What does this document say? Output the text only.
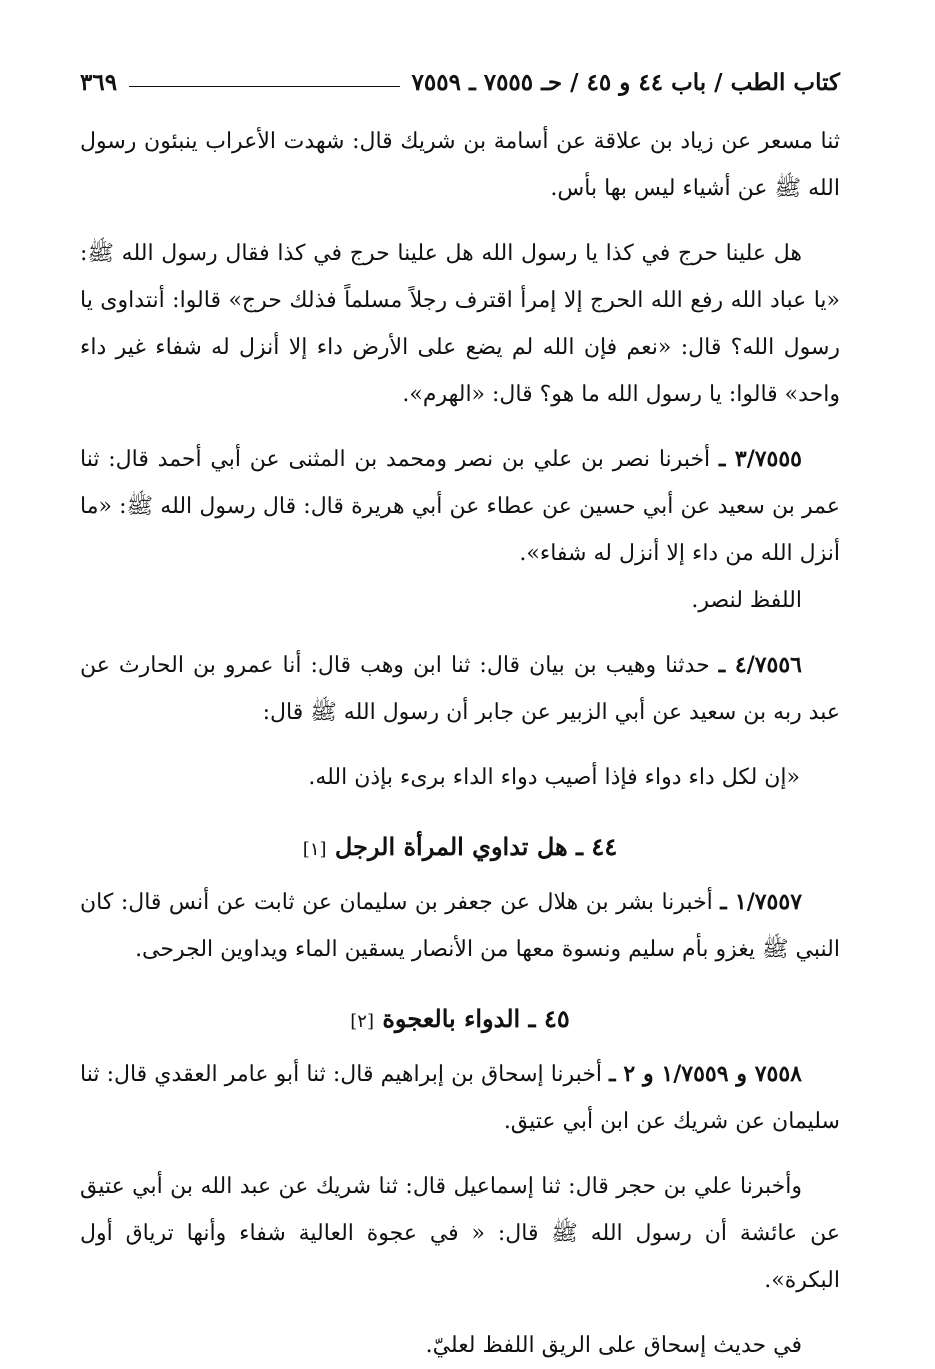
كتاب الطب / باب ٤٤ و ٤٥ / حـ ٧٥٥٥ ـ ٧٥٥٩
٣٦٩

ثنا مسعر عن زياد بن علاقة عن أسامة بن شريك قال: شهدت الأعراب ينبئون رسول الله ﷺ عن أشياء ليس بها بأس.

هل علينا حرج في كذا يا رسول الله هل علينا حرج في كذا فقال رسول الله ﷺ: «يا عباد الله رفع الله الحرج إلا إمرأ اقترف رجلاً مسلماً فذلك حرج» قالوا: أنتداوى يا رسول الله؟ قال: «نعم فإن الله لم يضع على الأرض داء إلا أنزل له شفاء غير داء واحد» قالوا: يا رسول الله ما هو؟ قال: «الهرم».

٣/٧٥٥٥ ـ أخبرنا نصر بن علي بن نصر ومحمد بن المثنى عن أبي أحمد قال: ثنا عمر بن سعيد عن أبي حسين عن عطاء عن أبي هريرة قال: قال رسول الله ﷺ: «ما أنزل الله من داء إلا أنزل له شفاء».

اللفظ لنصر.

٤/٧٥٥٦ ـ حدثنا وهيب بن بيان قال: ثنا ابن وهب قال: أنا عمرو بن الحارث عن عبد ربه بن سعيد عن أبي الزبير عن جابر أن رسول الله ﷺ قال:

«إن لكل داء دواء فإذا أصيب دواء الداء برىء بإذن الله.

٤٤ ـ هل تداوي المرأة الرجل [١]

١/٧٥٥٧ ـ أخبرنا بشر بن هلال عن جعفر بن سليمان عن ثابت عن أنس قال: كان النبي ﷺ يغزو بأم سليم ونسوة معها من الأنصار يسقين الماء ويداوين الجرحى.

٤٥ ـ الدواء بالعجوة [٢]

٧٥٥٨ و ١/٧٥٥٩ و ٢ ـ أخبرنا إسحاق بن إبراهيم قال: ثنا أبو عامر العقدي قال: ثنا سليمان عن شريك عن ابن أبي عتيق.

وأخبرنا علي بن حجر قال: ثنا إسماعيل قال: ثنا شريك عن عبد الله بن أبي عتيق عن عائشة أن رسول الله ﷺ قال: « في عجوة العالية شفاء وأنها ترياق أول البكرة».

في حديث إسحاق على الريق اللفظ لعليّ.
